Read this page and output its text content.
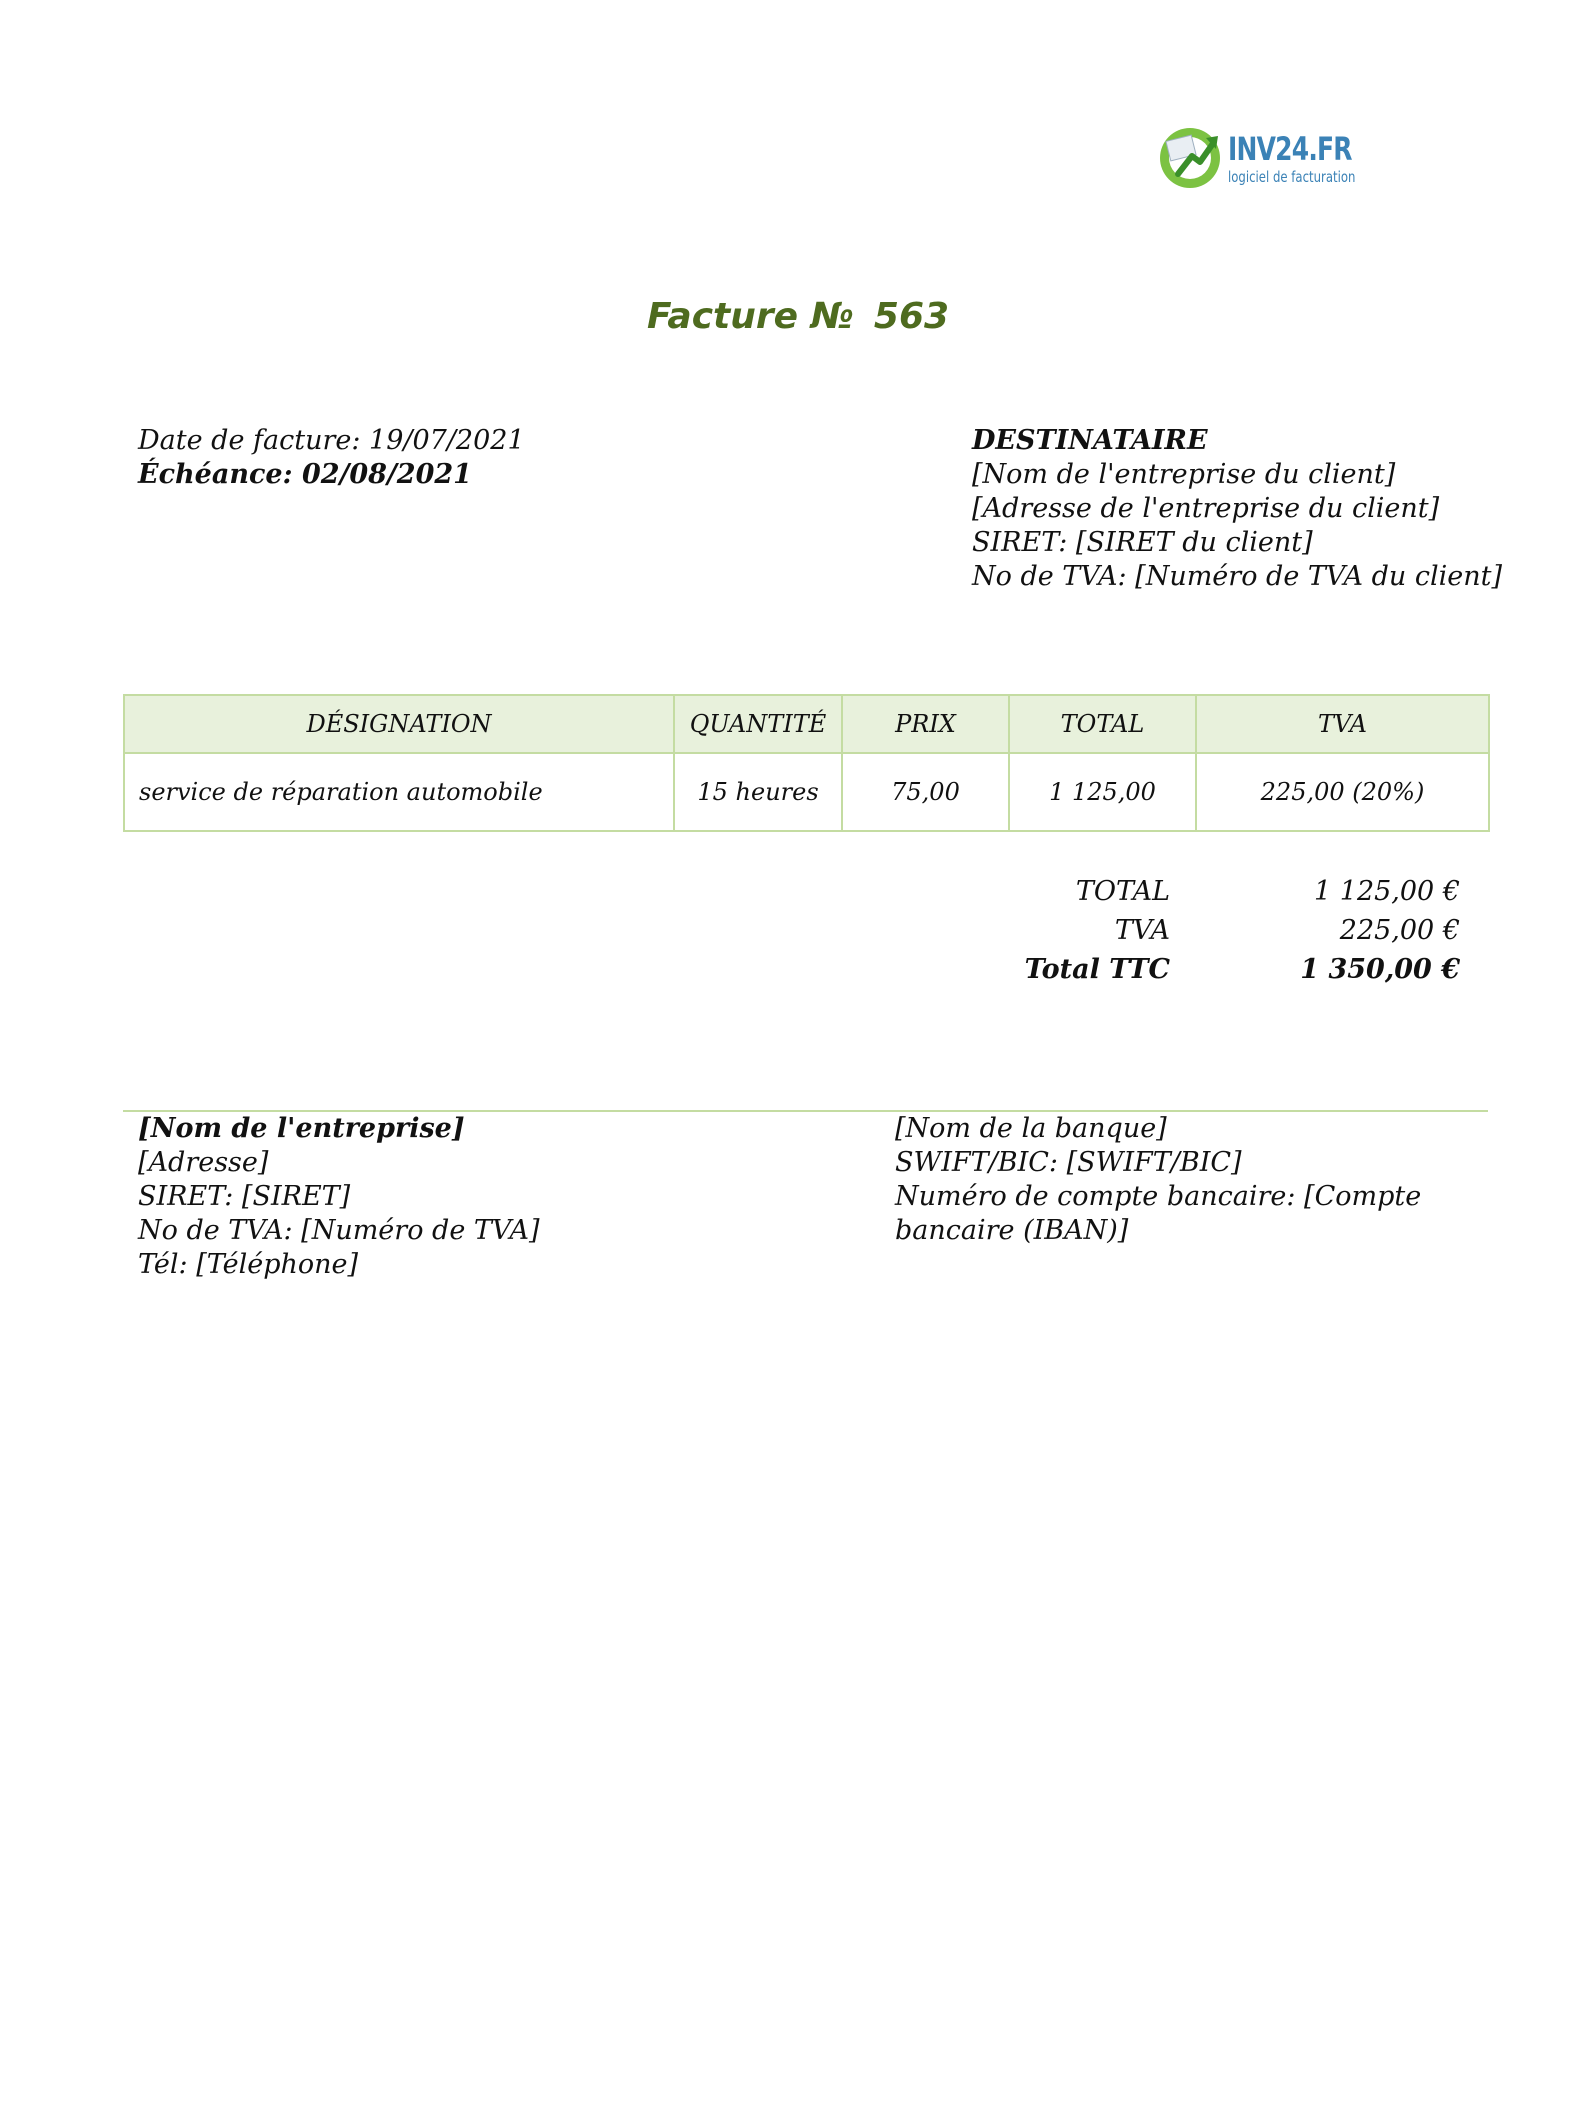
INV24.FR
logiciel de facturation
Facture № 563
Date de facture: 19/07/2021
Échéance: 02/08/2021
DESTINATAIRE
[Nom de l'entreprise du client]
[Adresse de l'entreprise du client]
SIRET: [SIRET du client]
No de TVA: [Numéro de TVA du client]
DÉSIGNATION	QUANTITÉ	PRIX	TOTAL	TVA
service de réparation automobile	15 heures	75,00	1 125,00	225,00 (20%)
TOTAL	1 125,00 €
TVA	225,00 €
Total TTC	1 350,00 €
[Nom de l'entreprise]
[Adresse]
SIRET: [SIRET]
No de TVA: [Numéro de TVA]
Tél: [Téléphone]
[Nom de la banque]
SWIFT/BIC: [SWIFT/BIC]
Numéro de compte bancaire: [Compte bancaire (IBAN)]
